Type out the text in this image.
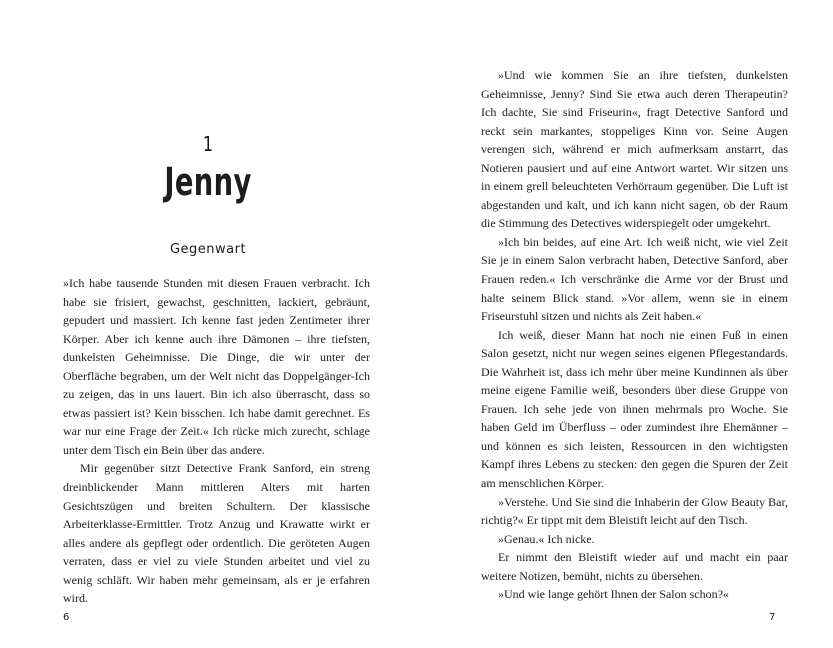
1
Jenny
Gegenwart

»Ich habe tausende Stunden mit diesen Frauen verbracht. Ich habe sie frisiert, gewachst, geschnitten, lackiert, gebräunt, gepudert und massiert. Ich kenne fast jeden Zentimeter ihrer Körper. Aber ich kenne auch ihre Dämonen – ihre tiefsten, dunkelsten Geheimnisse. Die Dinge, die wir unter der Oberfläche begraben, um der Welt nicht das Doppelgänger-Ich zu zeigen, das in uns lauert. Bin ich also überrascht, dass so etwas passiert ist? Kein bisschen. Ich habe damit gerechnet. Es war nur eine Frage der Zeit.« Ich rücke mich zurecht, schlage unter dem Tisch ein Bein über das andere.

Mir gegenüber sitzt Detective Frank Sanford, ein streng dreinblickender Mann mittleren Alters mit harten Gesichtszügen und breiten Schultern. Der klassische Arbeiterklasse-Ermittler. Trotz Anzug und Krawatte wirkt er alles andere als gepflegt oder ordentlich. Die geröteten Augen verraten, dass er viel zu viele Stunden arbeitet und viel zu wenig schläft. Wir haben mehr gemeinsam, als er je erfahren wird.

6

»Und wie kommen Sie an ihre tiefsten, dunkelsten Geheimnisse, Jenny? Sind Sie etwa auch deren Therapeutin? Ich dachte, Sie sind Friseurin«, fragt Detective Sanford und reckt sein markantes, stoppeliges Kinn vor. Seine Augen verengen sich, während er mich aufmerksam anstarrt, das Notieren pausiert und auf eine Antwort wartet. Wir sitzen uns in einem grell beleuchteten Verhörraum gegenüber. Die Luft ist abgestanden und kalt, und ich kann nicht sagen, ob der Raum die Stimmung des Detectives widerspiegelt oder umgekehrt.

»Ich bin beides, auf eine Art. Ich weiß nicht, wie viel Zeit Sie je in einem Salon verbracht haben, Detective Sanford, aber Frauen reden.« Ich verschränke die Arme vor der Brust und halte seinem Blick stand. »Vor allem, wenn sie in einem Friseurstuhl sitzen und nichts als Zeit haben.«

Ich weiß, dieser Mann hat noch nie einen Fuß in einen Salon gesetzt, nicht nur wegen seines eigenen Pflegestandards. Die Wahrheit ist, dass ich mehr über meine Kundinnen als über meine eigene Familie weiß, besonders über diese Gruppe von Frauen. Ich sehe jede von ihnen mehrmals pro Woche. Sie haben Geld im Überfluss – oder zumindest ihre Ehemänner – und können es sich leisten, Ressourcen in den wichtigsten Kampf ihres Lebens zu stecken: den gegen die Spuren der Zeit am menschlichen Körper.

»Verstehe. Und Sie sind die Inhaberin der Glow Beauty Bar, richtig?« Er tippt mit dem Bleistift leicht auf den Tisch.

»Genau.« Ich nicke.

Er nimmt den Bleistift wieder auf und macht ein paar weitere Notizen, bemüht, nichts zu übersehen.

»Und wie lange gehört Ihnen der Salon schon?«

7
